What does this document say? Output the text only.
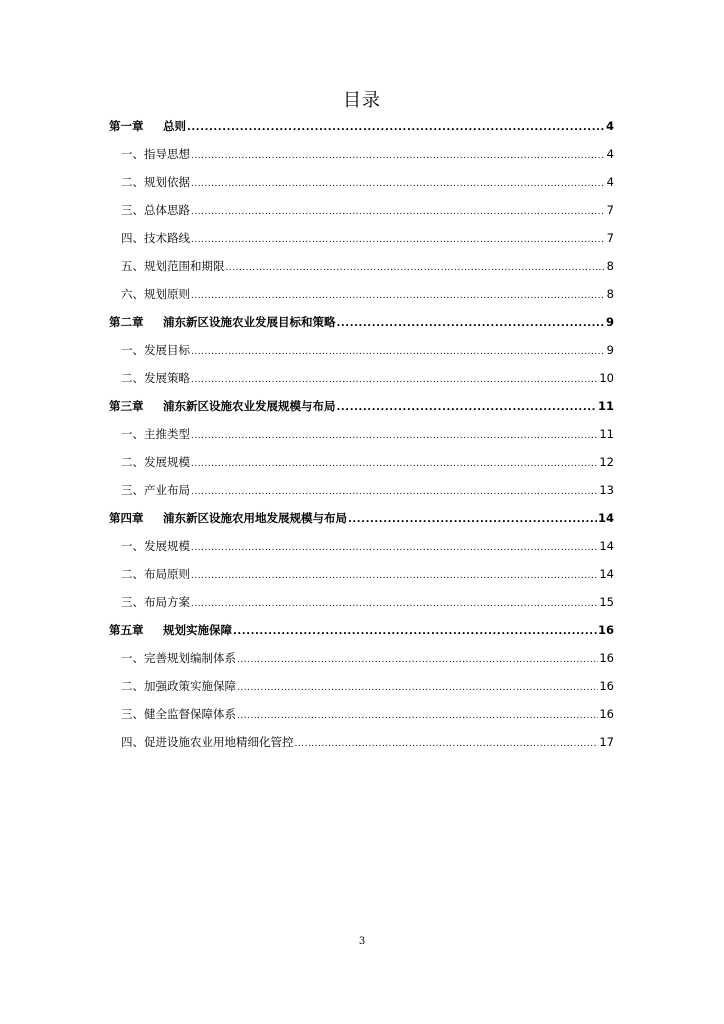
目录
第一章	总则 .....	4
一、 指导思想 .....	4
二、 规划依据 .....	4
三、 总体思路 .....	7
四、 技术路线 .....	7
五、 规划范围和期限 .....	8
六、 规划原则 .....	8
第二章	浦东新区设施农业发展目标和策略 .....	9
一、 发展目标 .....	9
二、 发展策略 .....	10
第三章	浦东新区设施农业发展规模与布局 .....	11
一、 主推类型 .....	11
二、 发展规模 .....	12
三、 产业布局 .....	13
第四章	浦东新区设施农用地发展规模与布局 .....	14
一、 发展规模 .....	14
二、 布局原则 .....	14
三、 布局方案 .....	15
第五章	规划实施保障 .....	16
一、 完善规划编制体系 .....	16
二、 加强政策实施保障 .....	16
三、 健全监督保障体系 .....	16
四、 促进设施农业用地精细化管控 .....	17
3
